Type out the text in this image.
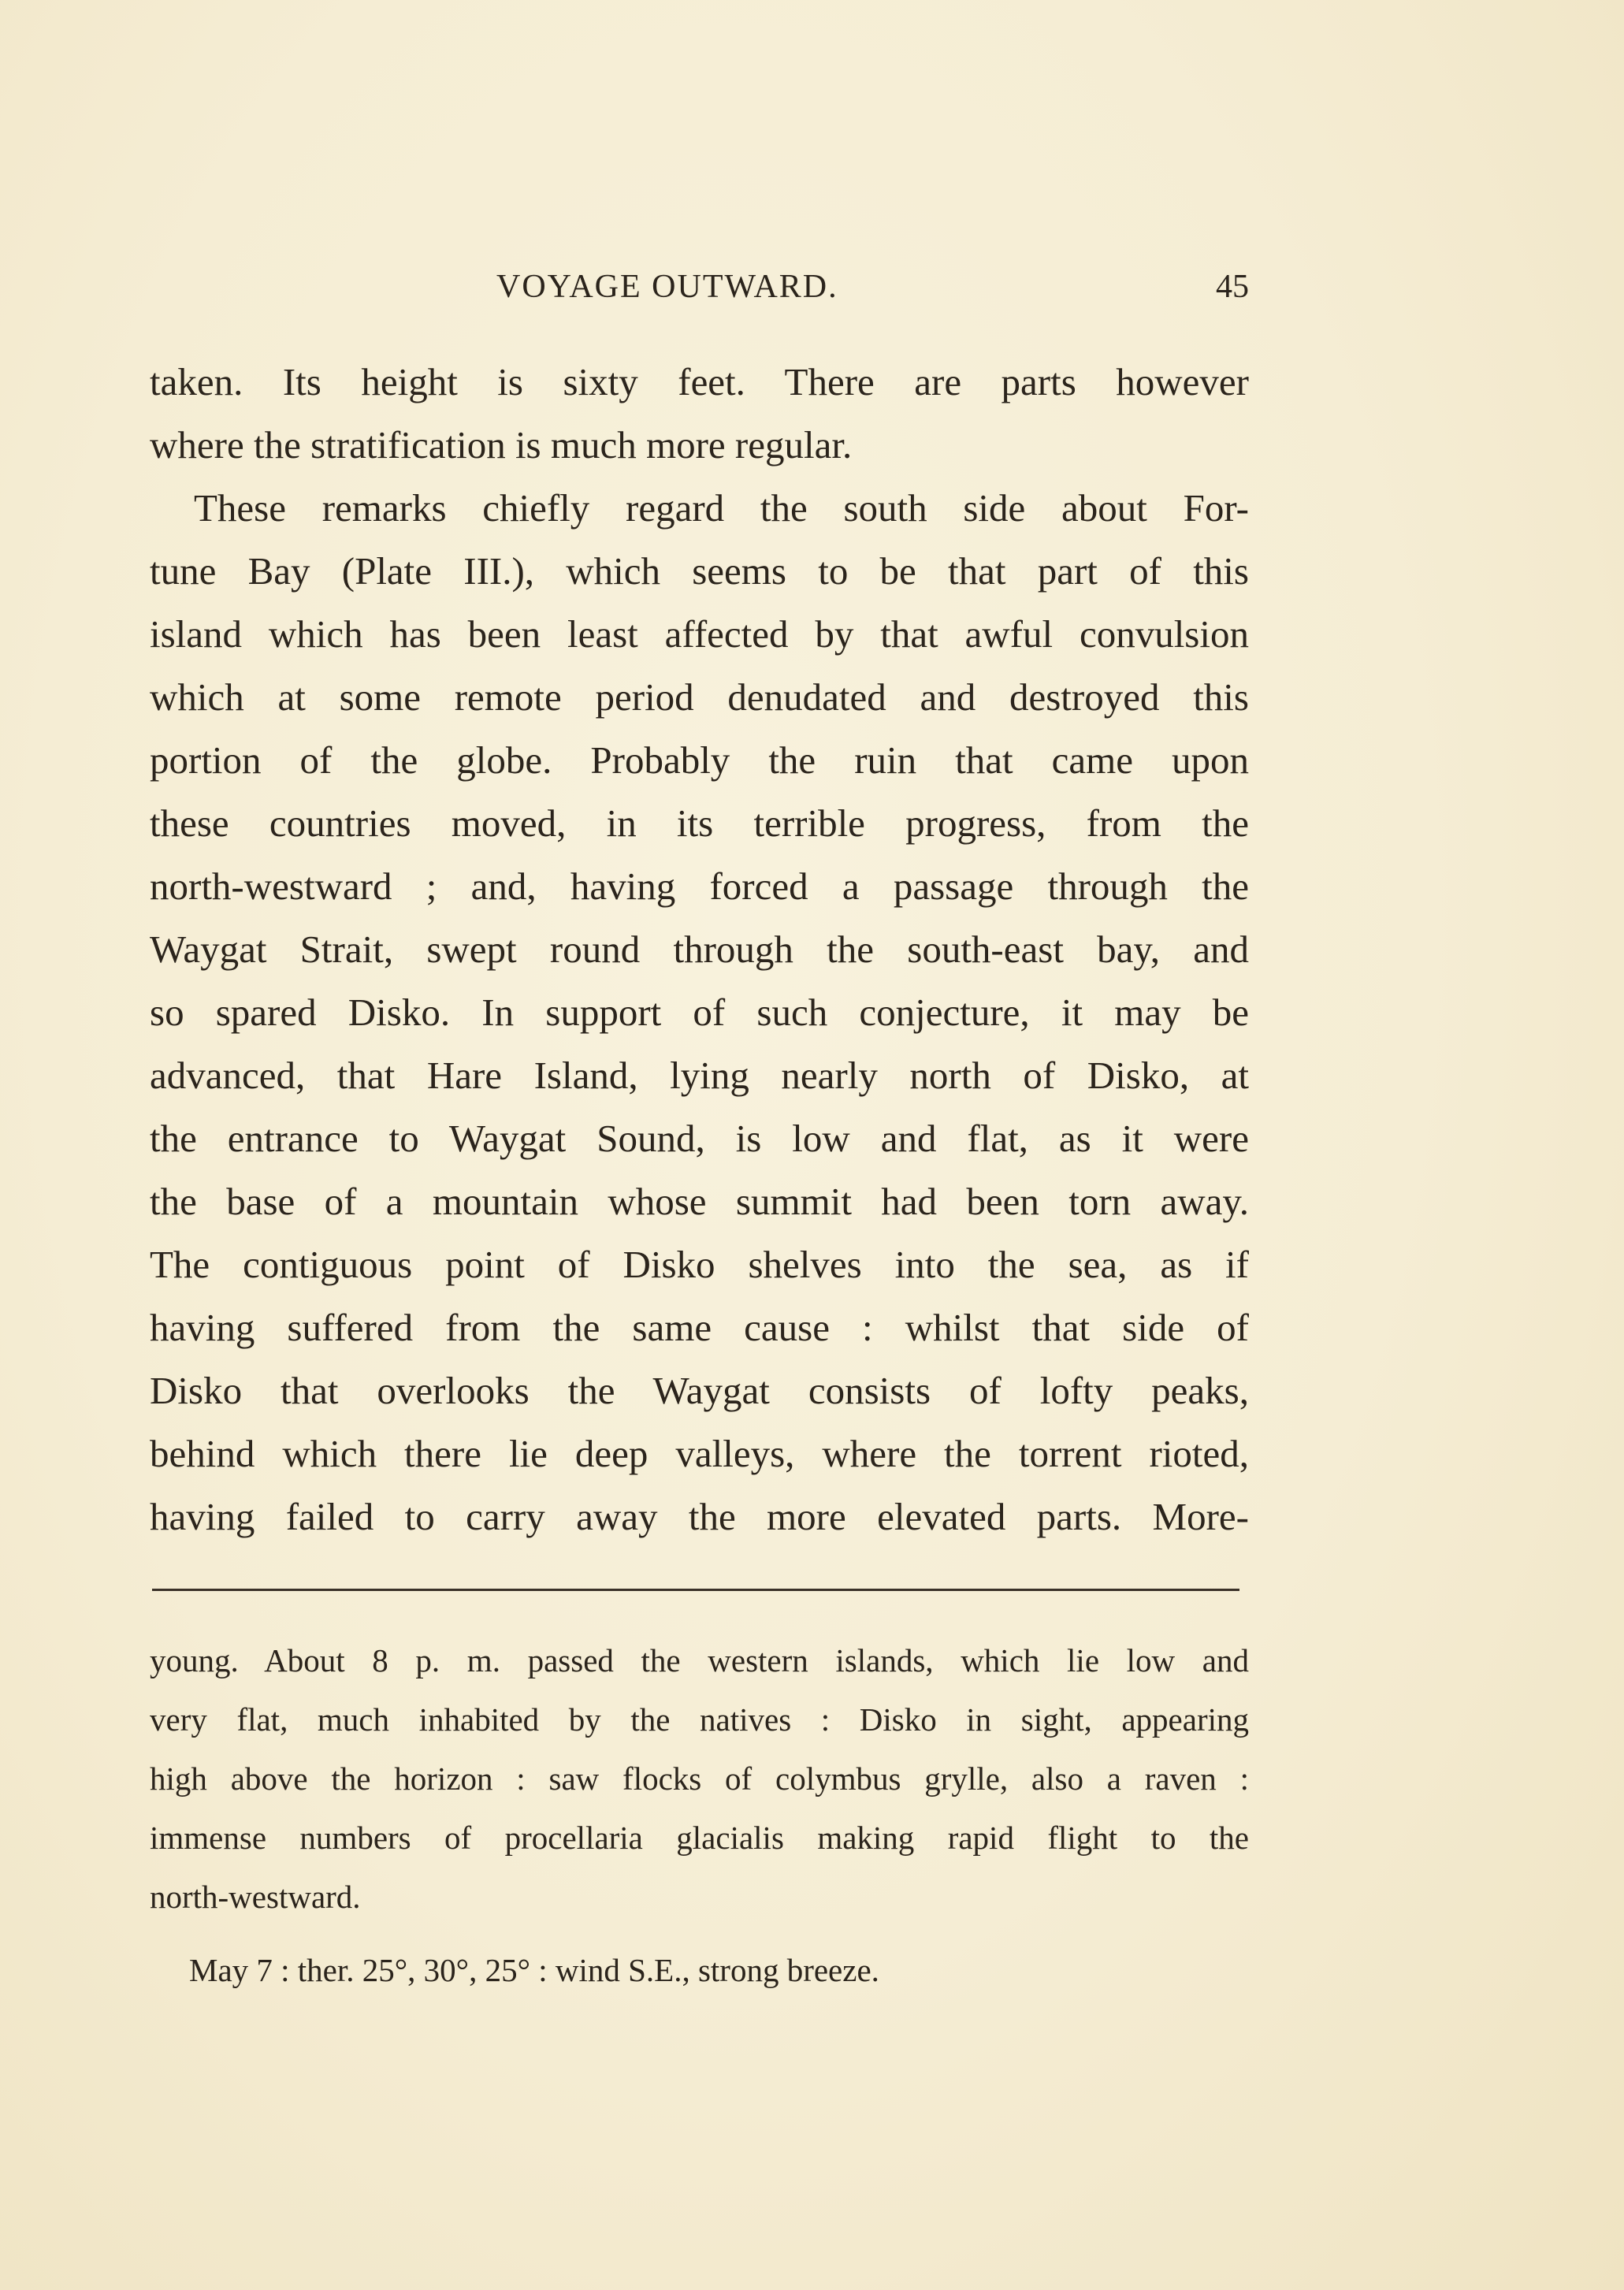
VOYAGE OUTWARD.	45
taken. Its height is sixty feet. There are parts however
where the stratification is much more regular.
These remarks chiefly regard the south side about For-
tune Bay (Plate III.), which seems to be that part of this
island which has been least affected by that awful convulsion
which at some remote period denudated and destroyed this
portion of the globe. Probably the ruin that came upon
these countries moved, in its terrible progress, from the
north-westward ; and, having forced a passage through the
Waygat Strait, swept round through the south-east bay, and
so spared Disko. In support of such conjecture, it may be
advanced, that Hare Island, lying nearly north of Disko, at
the entrance to Waygat Sound, is low and flat, as it were
the base of a mountain whose summit had been torn away.
The contiguous point of Disko shelves into the sea, as if
having suffered from the same cause : whilst that side of
Disko that overlooks the Waygat consists of lofty peaks,
behind which there lie deep valleys, where the torrent rioted,
having failed to carry away the more elevated parts. More-
young. About 8 p. m. passed the western islands, which lie low and
very flat, much inhabited by the natives : Disko in sight, appearing
high above the horizon : saw flocks of colymbus grylle, also a raven :
immense numbers of procellaria glacialis making rapid flight to the
north-westward.
May 7 : ther. 25°, 30°, 25° : wind S.E., strong breeze.
